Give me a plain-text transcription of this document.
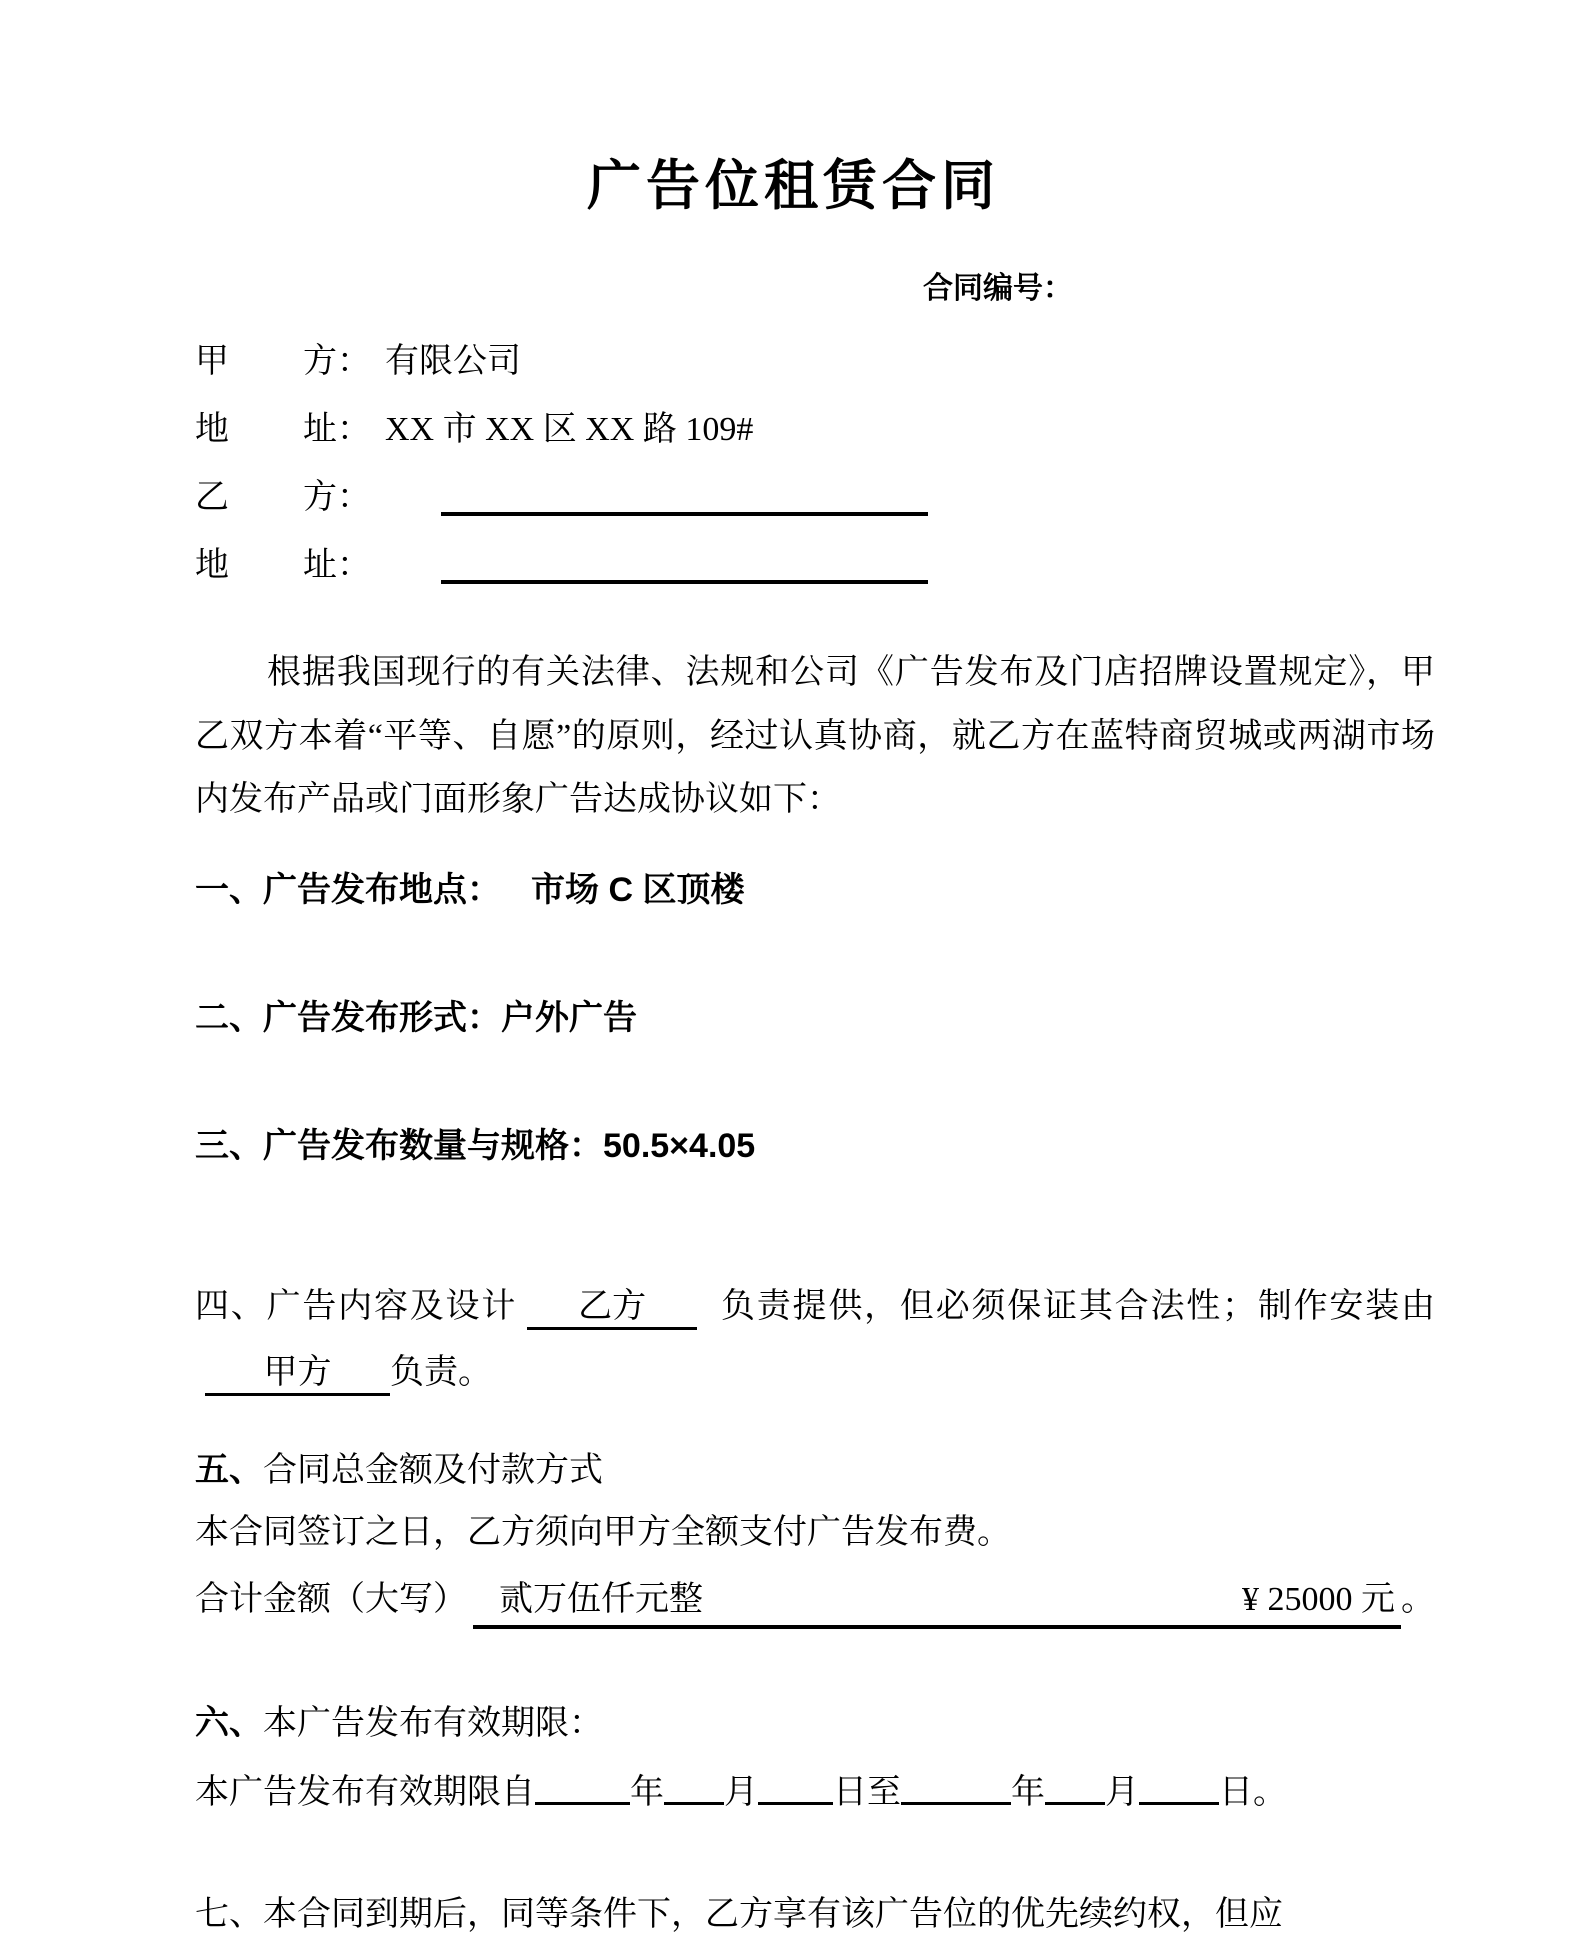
广告位租赁合同
合同编号：
甲 方： 有限公司
地 址： XX 市 XX 区 XX 路 109#
乙 方：
地 址：

根据我国现行的有关法律、法规和公司《广告发布及门店招牌设置规定》，甲乙双方本着“平等、自愿”的原则，经过认真协商，就乙方在蓝特商贸城或两湖市场内发布产品或门面形象广告达成协议如下：

一、广告发布地点： 市场 C 区顶楼
二、广告发布形式：户外广告
三、广告发布数量与规格：50.5×4.05

四、广告内容及设计 乙方 负责提供，但必须保证其合法性；制作安装由甲方 负责。

五、合同总金额及付款方式
本合同签订之日，乙方须向甲方全额支付广告发布费。
合计金额（大写） 贰万伍仟元整	¥ 25000 元 。
六、本广告发布有效期限：
本广告发布有效期限自	年 月 日至	年 月 日。
七、本合同到期后，同等条件下，乙方享有该广告位的优先续约权，但应
